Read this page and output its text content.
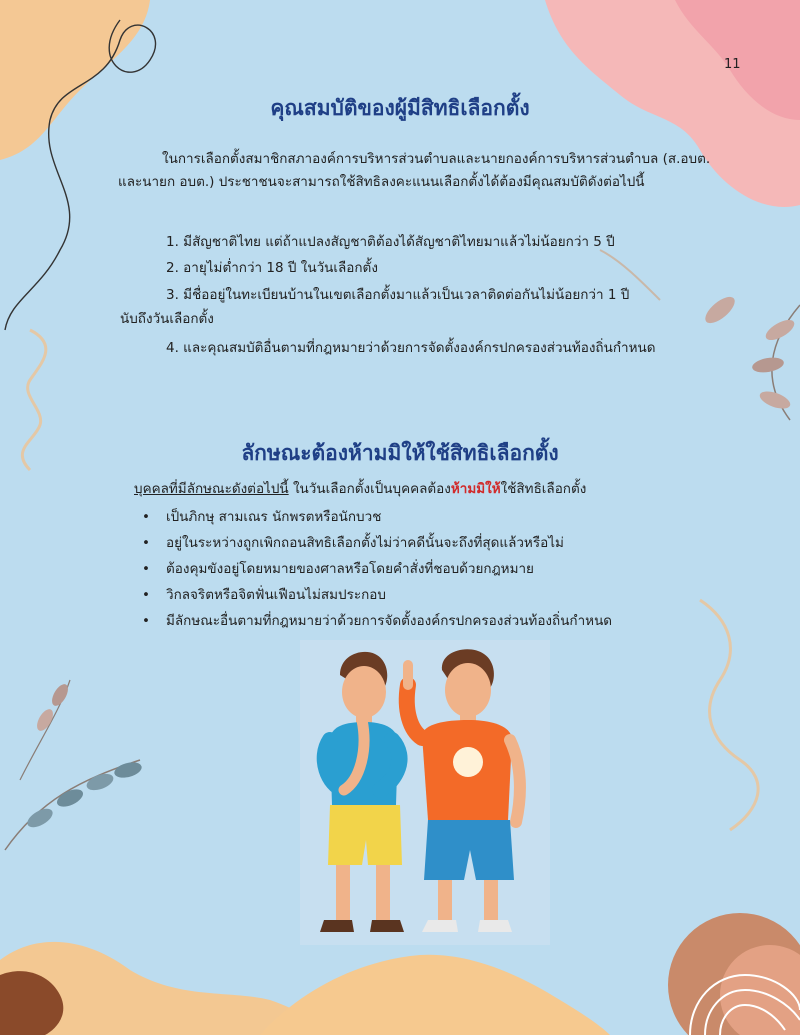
11
คุณสมบัติของผู้มีสิทธิเลือกตั้ง
ในการเลือกตั้งสมาชิกสภาองค์การบริหารส่วนตำบลและนายกองค์การบริหารส่วนตำบล (ส.อบต. และนายก อบต.) ประชาชนจะสามารถใช้สิทธิลงคะแนนเลือกตั้งได้ต้องมีคุณสมบัติดังต่อไปนี้
1. มีสัญชาติไทย แต่ถ้าแปลงสัญชาติต้องได้สัญชาติไทยมาแล้วไม่น้อยกว่า 5 ปี
2. อายุไม่ต่ำกว่า 18 ปี ในวันเลือกตั้ง
3. มีชื่ออยู่ในทะเบียนบ้านในเขตเลือกตั้งมาแล้วเป็นเวลาติดต่อกันไม่น้อยกว่า 1 ปี
นับถึงวันเลือกตั้ง
4. และคุณสมบัติอื่นตามที่กฎหมายว่าด้วยการจัดตั้งองค์กรปกครองส่วนท้องถิ่นกำหนด
ลักษณะต้องห้ามมิให้ใช้สิทธิเลือกตั้ง
บุคคลที่มีลักษณะดังต่อไปนี้ ในวันเลือกตั้งเป็นบุคคลต้องห้ามมิให้ใช้สิทธิเลือกตั้ง
• เป็นภิกษุ สามเณร นักพรตหรือนักบวช
• อยู่ในระหว่างถูกเพิกถอนสิทธิเลือกตั้งไม่ว่าคดีนั้นจะถึงที่สุดแล้วหรือไม่
• ต้องคุมขังอยู่โดยหมายของศาลหรือโดยคำสั่งที่ชอบด้วยกฎหมาย
• วิกลจริตหรือจิตฟั่นเฟือนไม่สมประกอบ
• มีลักษณะอื่นตามที่กฎหมายว่าด้วยการจัดตั้งองค์กรปกครองส่วนท้องถิ่นกำหนด
